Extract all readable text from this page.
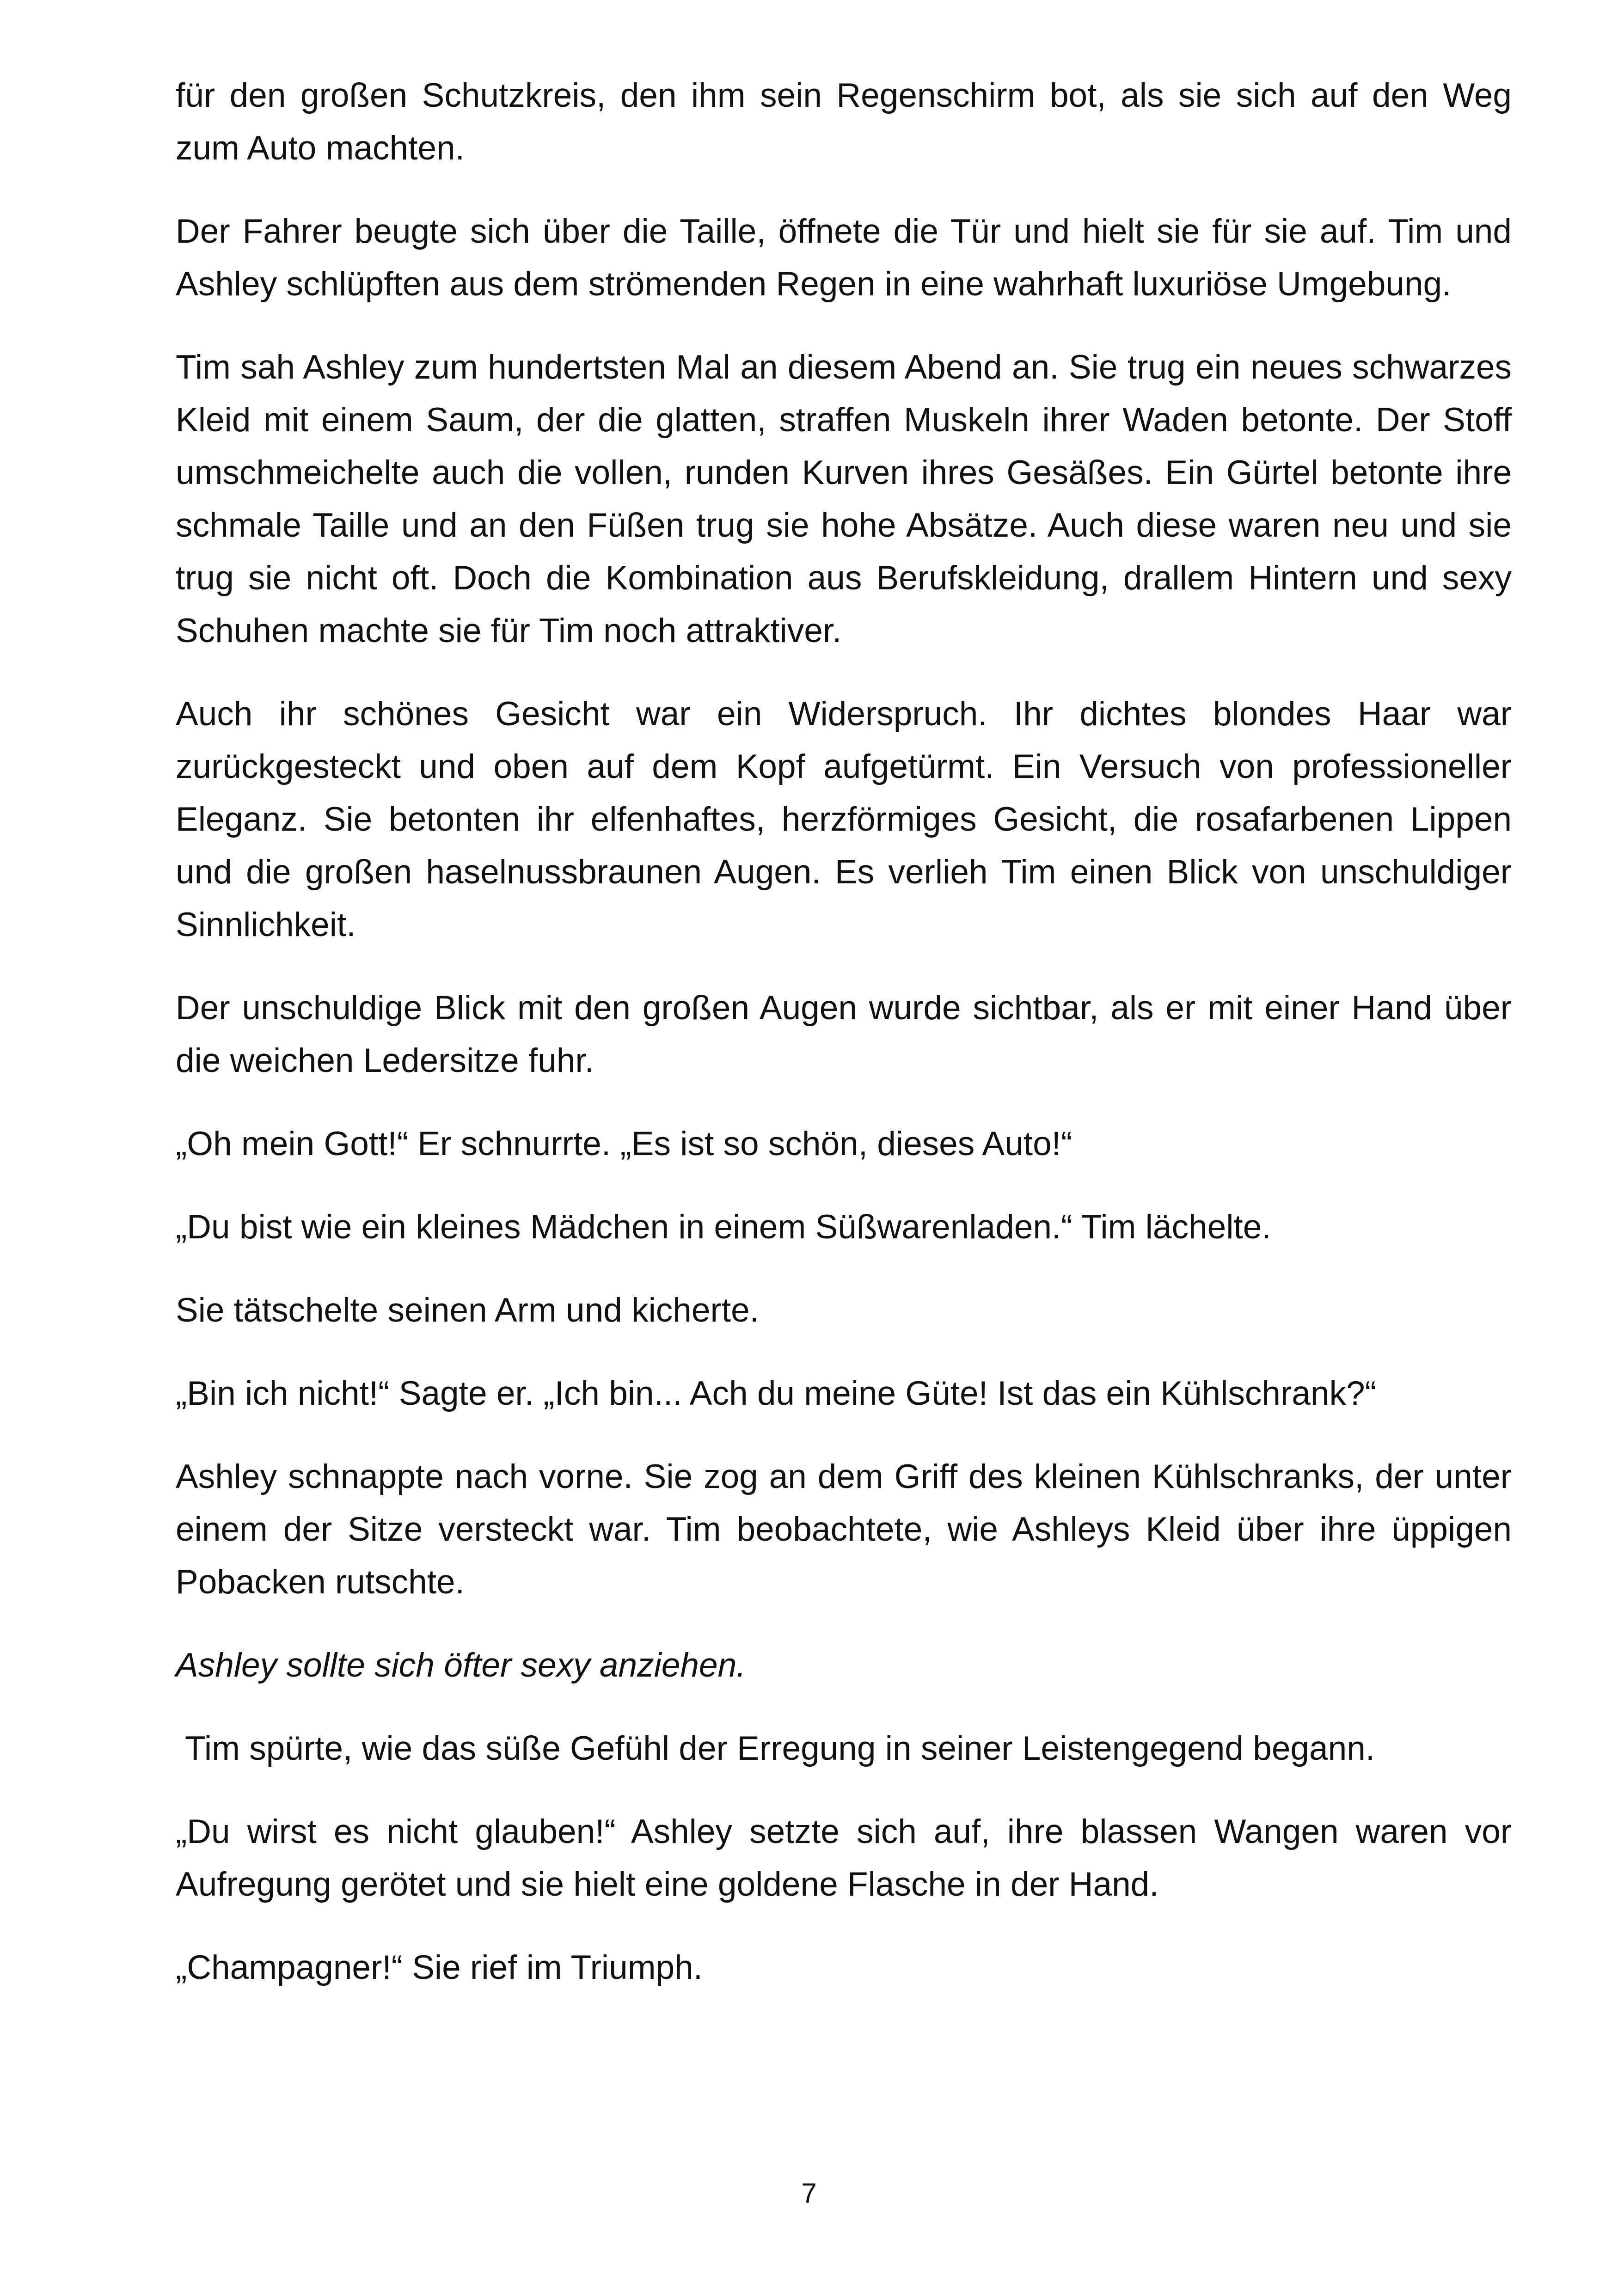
für den großen Schutzkreis, den ihm sein Regenschirm bot, als sie sich auf den Weg zum Auto machten.

Der Fahrer beugte sich über die Taille, öffnete die Tür und hielt sie für sie auf. Tim und Ashley schlüpften aus dem strömenden Regen in eine wahrhaft luxuriöse Umgebung.

Tim sah Ashley zum hundertsten Mal an diesem Abend an. Sie trug ein neues schwarzes Kleid mit einem Saum, der die glatten, straffen Muskeln ihrer Waden betonte. Der Stoff umschmeichelte auch die vollen, runden Kurven ihres Gesäßes. Ein Gürtel betonte ihre schmale Taille und an den Füßen trug sie hohe Absätze. Auch diese waren neu und sie trug sie nicht oft. Doch die Kombination aus Berufskleidung, drallem Hintern und sexy Schuhen machte sie für Tim noch attraktiver.

Auch ihr schönes Gesicht war ein Widerspruch. Ihr dichtes blondes Haar war zurückgesteckt und oben auf dem Kopf aufgetürmt. Ein Versuch von professioneller Eleganz. Sie betonten ihr elfenhaftes, herzförmiges Gesicht, die rosafarbenen Lippen und die großen haselnussbraunen Augen. Es verlieh Tim einen Blick von unschuldiger Sinnlichkeit.

Der unschuldige Blick mit den großen Augen wurde sichtbar, als er mit einer Hand über die weichen Ledersitze fuhr.

„Oh mein Gott!“ Er schnurrte. „Es ist so schön, dieses Auto!“

„Du bist wie ein kleines Mädchen in einem Süßwarenladen.“ Tim lächelte.

Sie tätschelte seinen Arm und kicherte.

„Bin ich nicht!“ Sagte er. „Ich bin... Ach du meine Güte! Ist das ein Kühlschrank?“

Ashley schnappte nach vorne. Sie zog an dem Griff des kleinen Kühlschranks, der unter einem der Sitze versteckt war. Tim beobachtete, wie Ashleys Kleid über ihre üppigen Pobacken rutschte.

Ashley sollte sich öfter sexy anziehen.

Tim spürte, wie das süße Gefühl der Erregung in seiner Leistengegend begann.

„Du wirst es nicht glauben!“ Ashley setzte sich auf, ihre blassen Wangen waren vor Aufregung gerötet und sie hielt eine goldene Flasche in der Hand.

„Champagner!“ Sie rief im Triumph.

7
